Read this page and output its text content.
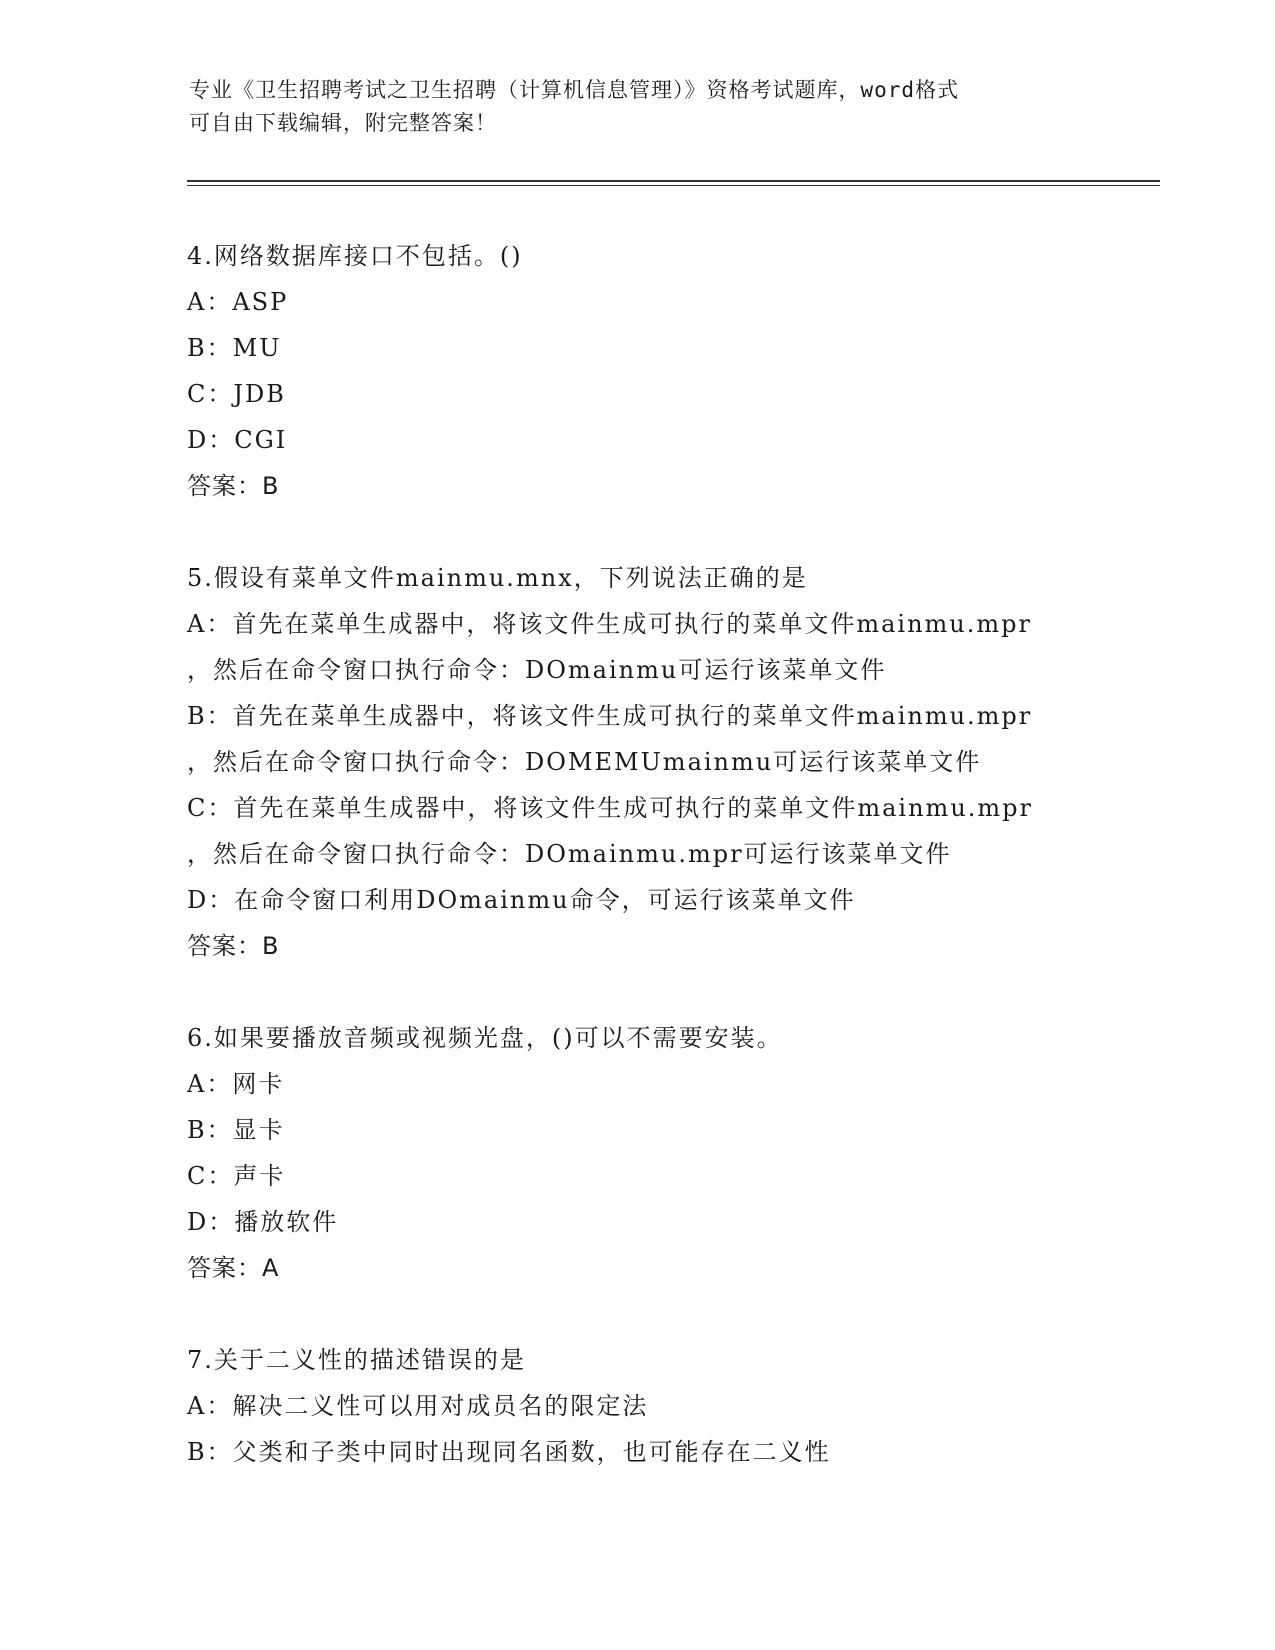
专业《卫生招聘考试之卫生招聘（计算机信息管理）》资格考试题库，word格式
可自由下载编辑，附完整答案！
4.网络数据库接口不包括。()
A：ASP
B：MU
C：JDB
D：CGI
答案：B
5.假设有菜单文件mainmu.mnx，下列说法正确的是
A：首先在菜单生成器中，将该文件生成可执行的菜单文件mainmu.mpr
，然后在命令窗口执行命令：DOmainmu可运行该菜单文件
B：首先在菜单生成器中，将该文件生成可执行的菜单文件mainmu.mpr
，然后在命令窗口执行命令：DOMEMUmainmu可运行该菜单文件
C：首先在菜单生成器中，将该文件生成可执行的菜单文件mainmu.mpr
，然后在命令窗口执行命令：DOmainmu.mpr可运行该菜单文件
D：在命令窗口利用DOmainmu命令，可运行该菜单文件
答案：B
6.如果要播放音频或视频光盘，()可以不需要安装。
A：网卡
B：显卡
C：声卡
D：播放软件
答案：A
7.关于二义性的描述错误的是
A：解决二义性可以用对成员名的限定法
B：父类和子类中同时出现同名函数，也可能存在二义性
